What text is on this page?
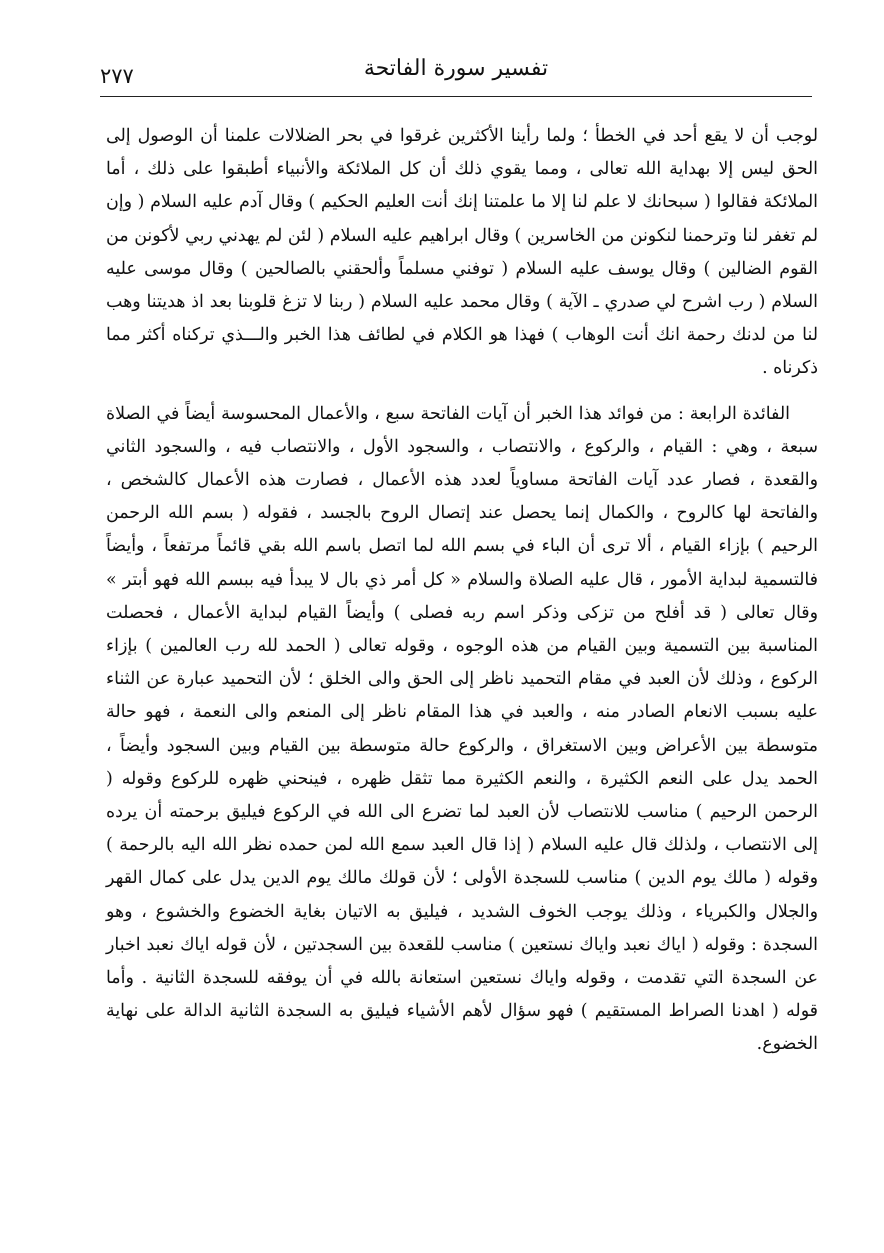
٢٧٧	تفسير سورة الفاتحة

لوجب أن لا يقع أحد في الخطأ ؛ ولما رأينا الأكثرين غرقوا في بحر الضلالات علمنا أن الوصول إلى الحق ليس إلا بهداية الله تعالى ، ومما يقوي ذلك أن كل الملائكة والأنبياء أطبقوا على ذلك ، أما الملائكة فقالوا ( سبحانك لا علم لنا إلا ما علمتنا إنك أنت العليم الحكيم ) وقال آدم عليه السلام ( وإن لم تغفر لنا وترحمنا لنكونن من الخاسرين ) وقال ابراهيم عليه السلام ( لئن لم يهدني ربي لأكونن من القوم الضالين ) وقال يوسف عليه السلام ( توفني مسلماً وألحقني بالصالحين ) وقال موسى عليه السلام ( رب اشرح لي صدري ـ الآية ) وقال محمد عليه السلام ( ربنا لا تزغ قلوبنا بعد اذ هديتنا وهب لنا من لدنك رحمة انك أنت الوهاب ) فهذا هو الكلام في لطائف هذا الخبر والـــذي تركناه أكثر مما ذكرناه .

الفائدة الرابعة : من فوائد هذا الخبر أن آيات الفاتحة سبع ، والأعمال المحسوسة أيضاً في الصلاة سبعة ، وهي : القيام ، والركوع ، والانتصاب ، والسجود الأول ، والانتصاب فيه ، والسجود الثاني والقعدة ، فصار عدد آيات الفاتحة مساوياً لعدد هذه الأعمال ، فصارت هذه الأعمال كالشخص ، والفاتحة لها كالروح ، والكمال إنما يحصل عند إتصال الروح بالجسد ، فقوله ( بسم الله الرحمن الرحيم ) بإزاء القيام ، ألا ترى أن الباء في بسم الله لما اتصل باسم الله بقي قائماً مرتفعاً ، وأيضاً فالتسمية لبداية الأمور ، قال عليه الصلاة والسلام « كل أمر ذي بال لا يبدأ فيه ببسم الله فهو أبتر » وقال تعالى ( قد أفلح من تزكى وذكر اسم ربه فصلى ) وأيضاً القيام لبداية الأعمال ، فحصلت المناسبة بين التسمية وبين القيام من هذه الوجوه ، وقوله تعالى ( الحمد لله رب العالمين ) بإزاء الركوع ، وذلك لأن العبد في مقام التحميد ناظر إلى الحق والى الخلق ؛ لأن التحميد عبارة عن الثناء عليه بسبب الانعام الصادر منه ، والعبد في هذا المقام ناظر إلى المنعم والى النعمة ، فهو حالة متوسطة بين الأعراض وبين الاستغراق ، والركوع حالة متوسطة بين القيام وبين السجود وأيضاً ، الحمد يدل على النعم الكثيرة ، والنعم الكثيرة مما تثقل ظهره ، فينحني ظهره للركوع وقوله ( الرحمن الرحيم ) مناسب للانتصاب لأن العبد لما تضرع الى الله في الركوع فيليق برحمته أن يرده إلى الانتصاب ، ولذلك قال عليه السلام ( إذا قال العبد سمع الله لمن حمده نظر الله اليه بالرحمة ) وقوله ( مالك يوم الدين ) مناسب للسجدة الأولى ؛ لأن قولك مالك يوم الدين يدل على كمال القهر والجلال والكبرياء ، وذلك يوجب الخوف الشديد ، فيليق به الاتيان بغاية الخضوع والخشوع ، وهو السجدة : وقوله ( اياك نعبد واياك نستعين ) مناسب للقعدة بين السجدتين ، لأن قوله اياك نعبد اخبار عن السجدة التي تقدمت ، وقوله واياك نستعين استعانة بالله في أن يوفقه للسجدة الثانية . وأما قوله ( اهدنا الصراط المستقيم ) فهو سؤال لأهم الأشياء فيليق به السجدة الثانية الدالة على نهاية الخضوع.
